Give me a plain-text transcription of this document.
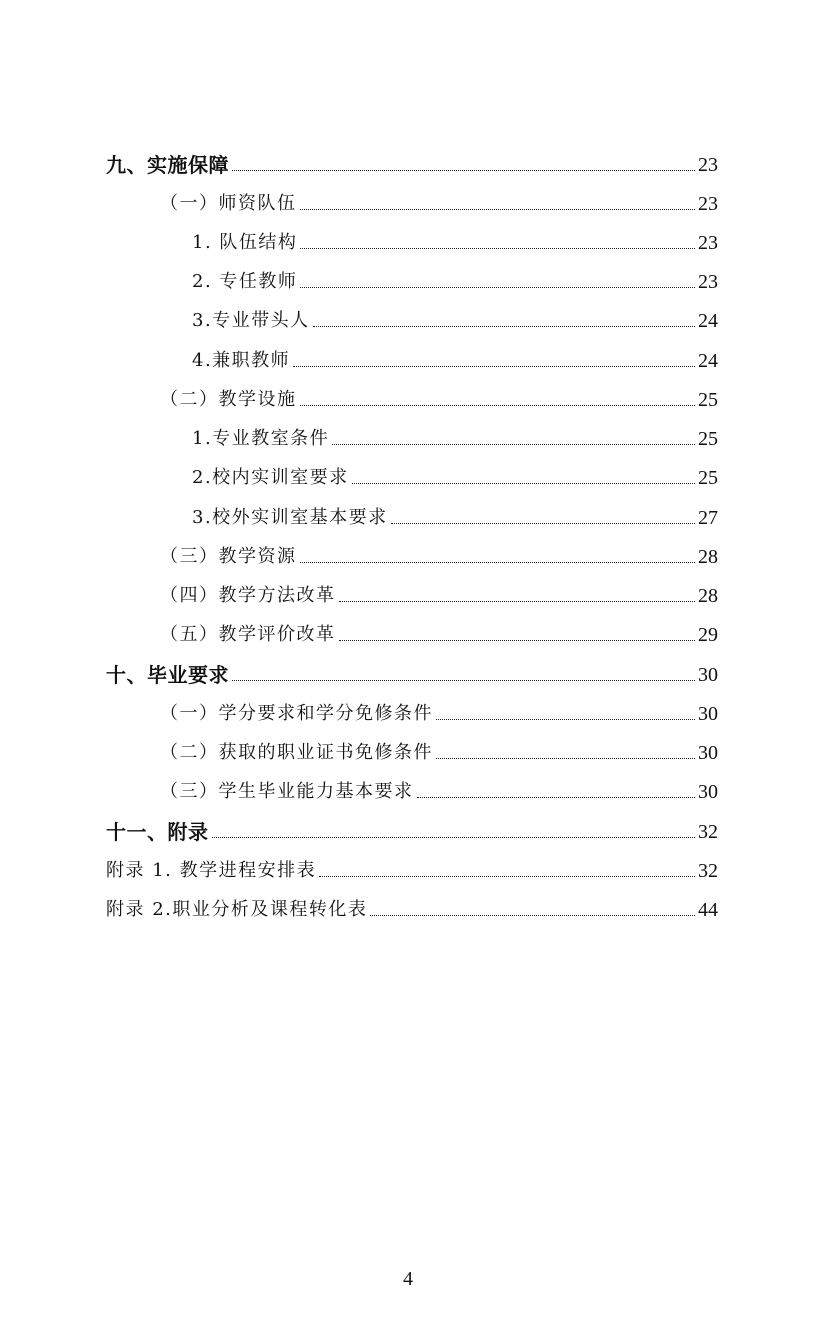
九、实施保障	23
（一）师资队伍	23
1. 队伍结构	23
2. 专任教师	23
3.专业带头人	24
4.兼职教师	24
（二）教学设施	25
1.专业教室条件	25
2.校内实训室要求	25
3.校外实训室基本要求	27
（三）教学资源	28
（四）教学方法改革	28
（五）教学评价改革	29
十、毕业要求	30
（一）学分要求和学分免修条件	30
（二）获取的职业证书免修条件	30
（三）学生毕业能力基本要求	30
十一、附录	32
附录 1. 教学进程安排表	32
附录 2.职业分析及课程转化表	44
4
